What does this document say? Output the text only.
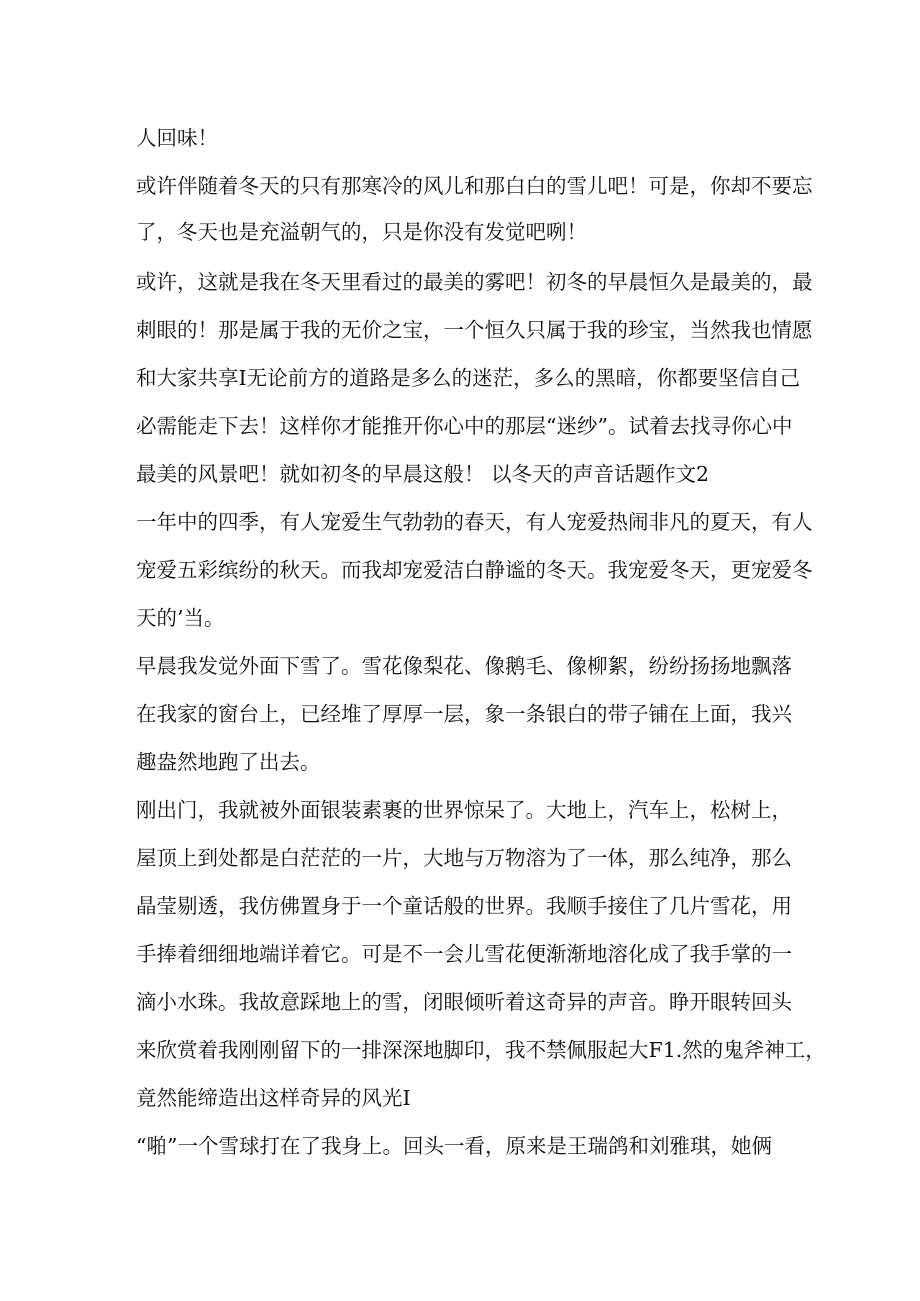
人回味！
或许伴随着冬天的只有那寒冷的风儿和那白白的雪儿吧！可是，你却不要忘
了，冬天也是充溢朝气的，只是你没有发觉吧咧！
或许，这就是我在冬天里看过的最美的雾吧！初冬的早晨恒久是最美的，最
刺眼的！那是属于我的无价之宝，一个恒久只属于我的珍宝，当然我也情愿
和大家共享I无论前方的道路是多么的迷茫，多么的黑暗，你都要坚信自己
必需能走下去！这样你才能推开你心中的那层“迷纱”。试着去找寻你心中
最美的风景吧！就如初冬的早晨这般！ 以冬天的声音话题作文2
一年中的四季，有人宠爱生气勃勃的春天，有人宠爱热闹非凡的夏天，有人
宠爱五彩缤纷的秋天。而我却宠爱洁白静谧的冬天。我宠爱冬天，更宠爱冬
天的’当。
早晨我发觉外面下雪了。雪花像梨花、像鹅毛、像柳絮，纷纷扬扬地飘落
在我家的窗台上，已经堆了厚厚一层，象一条银白的带子铺在上面，我兴
趣盎然地跑了出去。
刚出门，我就被外面银装素裹的世界惊呆了。大地上，汽车上，松树上，
屋顶上到处都是白茫茫的一片，大地与万物溶为了一体，那么纯净，那么
晶莹剔透，我仿佛置身于一个童话般的世界。我顺手接住了几片雪花，用
手捧着细细地端详着它。可是不一会儿雪花便渐渐地溶化成了我手掌的一
滴小水珠。我故意踩地上的雪，闭眼倾听着这奇异的声音。睁开眼转回头
来欣赏着我刚刚留下的一排深深地脚印，我不禁佩服起大F1.然的鬼斧神工，
竟然能缔造出这样奇异的风光I
“啪”一个雪球打在了我身上。回头一看，原来是王瑞鸽和刘雅琪，她俩
